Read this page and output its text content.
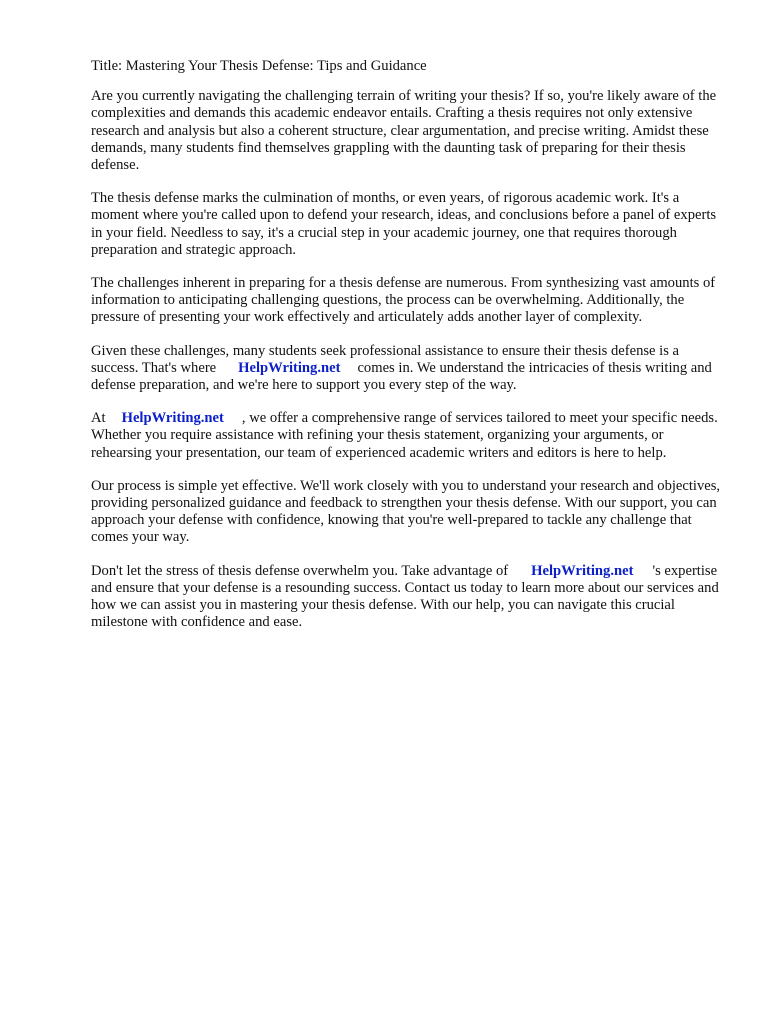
Title: Mastering Your Thesis Defense: Tips and Guidance

Are you currently navigating the challenging terrain of writing your thesis? If so, you're likely aware of the complexities and demands this academic endeavor entails. Crafting a thesis requires not only extensive research and analysis but also a coherent structure, clear argumentation, and precise writing. Amidst these demands, many students find themselves grappling with the daunting task of preparing for their thesis defense.

The thesis defense marks the culmination of months, or even years, of rigorous academic work. It's a moment where you're called upon to defend your research, ideas, and conclusions before a panel of experts in your field. Needless to say, it's a crucial step in your academic journey, one that requires thorough preparation and strategic approach.

The challenges inherent in preparing for a thesis defense are numerous. From synthesizing vast amounts of information to anticipating challenging questions, the process can be overwhelming. Additionally, the pressure of presenting your work effectively and articulately adds another layer of complexity.

Given these challenges, many students seek professional assistance to ensure their thesis defense is a success. That's where HelpWriting.net comes in. We understand the intricacies of thesis writing and defense preparation, and we're here to support you every step of the way.

At HelpWriting.net , we offer a comprehensive range of services tailored to meet your specific needs. Whether you require assistance with refining your thesis statement, organizing your arguments, or rehearsing your presentation, our team of experienced academic writers and editors is here to help.

Our process is simple yet effective. We'll work closely with you to understand your research and objectives, providing personalized guidance and feedback to strengthen your thesis defense. With our support, you can approach your defense with confidence, knowing that you're well-prepared to tackle any challenge that comes your way.

Don't let the stress of thesis defense overwhelm you. Take advantage of HelpWriting.net 's expertise and ensure that your defense is a resounding success. Contact us today to learn more about our services and how we can assist you in mastering your thesis defense. With our help, you can navigate this crucial milestone with confidence and ease.
